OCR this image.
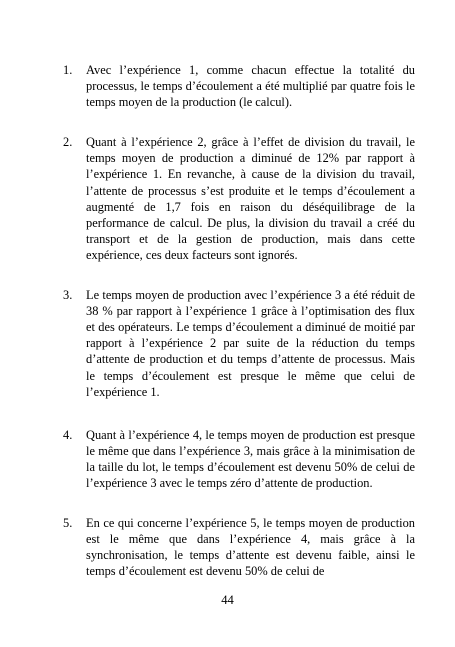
1.	Avec l’expérience 1, comme chacun effectue la totalité du processus, le temps d’écoulement a été multiplié par quatre fois le temps moyen de la production (le calcul).
2.	Quant à l’expérience 2, grâce à l’effet de division du travail, le temps moyen de production a diminué de 12% par rapport à l’expérience 1. En revanche, à cause de la division du travail, l’attente de processus s’est produite et le temps d’écoulement a augmenté de 1,7 fois en raison du déséquilibrage de la performance de calcul. De plus, la division du travail a créé du transport et de la gestion de production, mais dans cette expérience, ces deux facteurs sont ignorés.
3.	Le temps moyen de production avec l’expérience 3 a été réduit de 38 % par rapport à l’expérience 1 grâce à l’optimisation des flux et des opérateurs. Le temps d’écoulement a diminué de moitié par rapport à l’expérience 2 par suite de la réduction du temps d’attente de production et du temps d’attente de processus. Mais le temps d’écoulement est presque le même que celui de l’expérience 1.
4.	Quant à l’expérience 4, le temps moyen de production est presque le même que dans l’expérience 3, mais grâce à la minimisation de la taille du lot, le temps d’écoulement est devenu 50% de celui de l’expérience 3 avec le temps zéro d’attente de production.
5.	En ce qui concerne l’expérience 5, le temps moyen de production est le même que dans l’expérience 4, mais grâce à la synchronisation, le temps d’attente est devenu faible, ainsi le temps d’écoulement est devenu 50% de celui de
44
